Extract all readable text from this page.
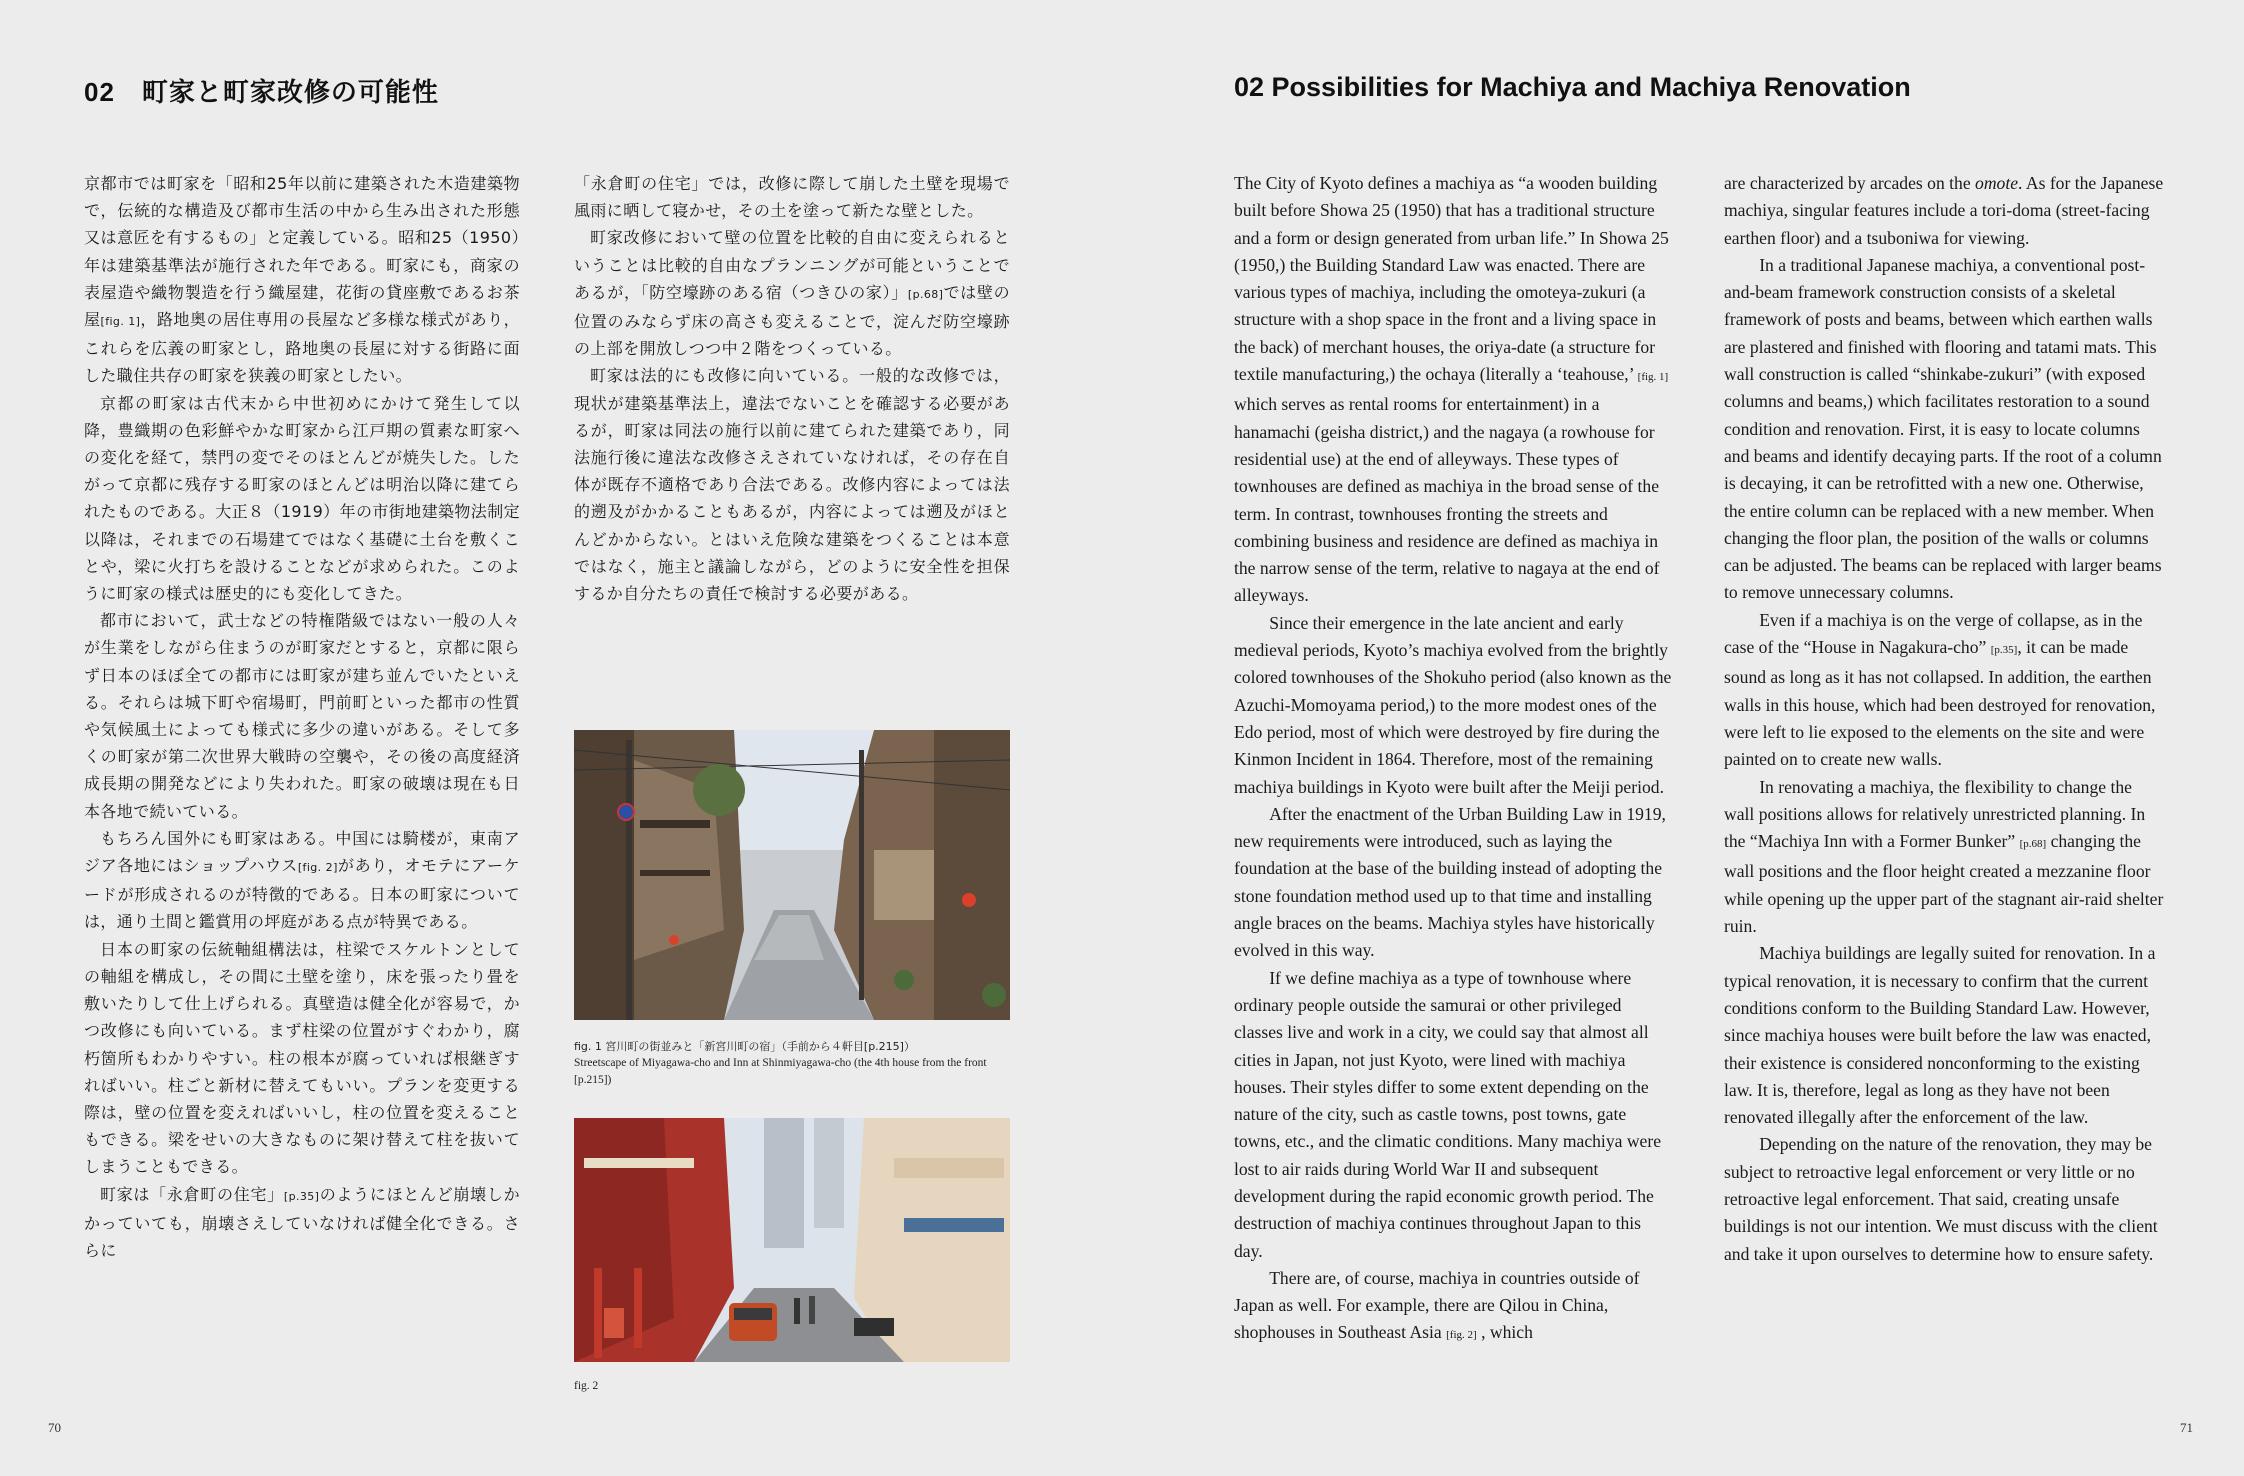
02　町家と町家改修の可能性

京都市では町家を「昭和25年以前に建築された木造建築物で，伝統的な構造及び都市生活の中から生み出された形態又は意匠を有するもの」と定義している。昭和25（1950）年は建築基準法が施行された年である。町家にも，商家の表屋造や織物製造を行う織屋建，花街の貸座敷であるお茶屋[fig. 1]，路地奥の居住専用の長屋など多様な様式があり，これらを広義の町家とし，路地奥の長屋に対する街路に面した職住共存の町家を狭義の町家としたい。

京都の町家は古代末から中世初めにかけて発生して以降，豊織期の色彩鮮やかな町家から江戸期の質素な町家への変化を経て，禁門の変でそのほとんどが焼失した。したがって京都に残存する町家のほとんどは明治以降に建てられたものである。大正８（1919）年の市街地建築物法制定以降は，それまでの石場建てではなく基礎に土台を敷くことや，梁に火打ちを設けることなどが求められた。このように町家の様式は歴史的にも変化してきた。

都市において，武士などの特権階級ではない一般の人々が生業をしながら住まうのが町家だとすると，京都に限らず日本のほぼ全ての都市には町家が建ち並んでいたといえる。それらは城下町や宿場町，門前町といった都市の性質や気候風土によっても様式に多少の違いがある。そして多くの町家が第二次世界大戦時の空襲や，その後の高度経済成長期の開発などにより失われた。町家の破壊は現在も日本各地で続いている。

もちろん国外にも町家はある。中国には騎楼が，東南アジア各地にはショップハウス[fig. 2]があり，オモテにアーケードが形成されるのが特徴的である。日本の町家については，通り土間と鑑賞用の坪庭がある点が特異である。

日本の町家の伝統軸組構法は，柱梁でスケルトンとしての軸組を構成し，その間に土壁を塗り，床を張ったり畳を敷いたりして仕上げられる。真壁造は健全化が容易で，かつ改修にも向いている。まず柱梁の位置がすぐわかり，腐朽箇所もわかりやすい。柱の根本が腐っていれば根継ぎすればいい。柱ごと新材に替えてもいい。プランを変更する際は，壁の位置を変えればいいし，柱の位置を変えることもできる。梁をせいの大きなものに架け替えて柱を抜いてしまうこともできる。

町家は「永倉町の住宅」[p.35]のようにほとんど崩壊しかかっていても，崩壊さえしていなければ健全化できる。さらに

「永倉町の住宅」では，改修に際して崩した土壁を現場で風雨に晒して寝かせ，その土を塗って新たな壁とした。

町家改修において壁の位置を比較的自由に変えられるということは比較的自由なプランニングが可能ということであるが，「防空壕跡のある宿（つきひの家）」[p.68]では壁の位置のみならず床の高さも変えることで，淀んだ防空壕跡の上部を開放しつつ中２階をつくっている。

町家は法的にも改修に向いている。一般的な改修では，現状が建築基準法上，違法でないことを確認する必要があるが，町家は同法の施行以前に建てられた建築であり，同法施行後に違法な改修さえされていなければ，その存在自体が既存不適格であり合法である。改修内容によっては法的遡及がかかることもあるが，内容によっては遡及がほとんどかからない。とはいえ危険な建築をつくることは本意ではなく，施主と議論しながら，どのように安全性を担保するか自分たちの責任で検討する必要がある。

fig. 1 宮川町の街並みと「新宮川町の宿」（手前から４軒目[p.215]）
Streetscape of Miyagawa-cho and Inn at Shinmiyagawa-cho (the 4th house from the front [p.215])
fig. 2
70
02 Possibilities for Machiya and Machiya Renovation

The City of Kyoto defines a machiya as “a wooden building built before Showa 25 (1950) that has a traditional structure and a form or design generated from urban life.” In Showa 25 (1950,) the Building Standard Law was enacted. There are various types of machiya, including the omoteya-zukuri (a structure with a shop space in the front and a living space in the back) of merchant houses, the oriya-date (a structure for textile manufacturing,) the ochaya (literally a ‘teahouse,’ [fig. 1] which serves as rental rooms for entertainment) in a hanamachi (geisha district,) and the nagaya (a rowhouse for residential use) at the end of alleyways. These types of townhouses are defined as machiya in the broad sense of the term. In contrast, townhouses fronting the streets and combining business and residence are defined as machiya in the narrow sense of the term, relative to nagaya at the end of alleyways.

Since their emergence in the late ancient and early medieval periods, Kyoto’s machiya evolved from the brightly colored townhouses of the Shokuho period (also known as the Azuchi-Momoyama period,) to the more modest ones of the Edo period, most of which were destroyed by fire during the Kinmon Incident in 1864. Therefore, most of the remaining machiya buildings in Kyoto were built after the Meiji period.

After the enactment of the Urban Building Law in 1919, new requirements were introduced, such as laying the foundation at the base of the building instead of adopting the stone foundation method used up to that time and installing angle braces on the beams. Machiya styles have historically evolved in this way.

If we define machiya as a type of townhouse where ordinary people outside the samurai or other privileged classes live and work in a city, we could say that almost all cities in Japan, not just Kyoto, were lined with machiya houses. Their styles differ to some extent depending on the nature of the city, such as castle towns, post towns, gate towns, etc., and the climatic conditions. Many machiya were lost to air raids during World War II and subsequent development during the rapid economic growth period. The destruction of machiya continues throughout Japan to this day.

There are, of course, machiya in countries outside of Japan as well. For example, there are Qilou in China, shophouses in Southeast Asia [fig. 2] , which

are characterized by arcades on the omote. As for the Japanese machiya, singular features include a tori-doma (street-facing earthen floor) and a tsuboniwa for viewing.

In a traditional Japanese machiya, a conventional post-and-beam framework construction consists of a skeletal framework of posts and beams, between which earthen walls are plastered and finished with flooring and tatami mats. This wall construction is called “shinkabe-zukuri” (with exposed columns and beams,) which facilitates restoration to a sound condition and renovation. First, it is easy to locate columns and beams and identify decaying parts. If the root of a column is decaying, it can be retrofitted with a new one. Otherwise, the entire column can be replaced with a new member. When changing the floor plan, the position of the walls or columns can be adjusted. The beams can be replaced with larger beams to remove unnecessary columns.

Even if a machiya is on the verge of collapse, as in the case of the “House in Nagakura-cho” [p.35], it can be made sound as long as it has not collapsed. In addition, the earthen walls in this house, which had been destroyed for renovation, were left to lie exposed to the elements on the site and were painted on to create new walls.

In renovating a machiya, the flexibility to change the wall positions allows for relatively unrestricted planning. In the “Machiya Inn with a Former Bunker” [p.68] changing the wall positions and the floor height created a mezzanine floor while opening up the upper part of the stagnant air-raid shelter ruin.

Machiya buildings are legally suited for renovation. In a typical renovation, it is necessary to confirm that the current conditions conform to the Building Standard Law. However, since machiya houses were built before the law was enacted, their existence is considered nonconforming to the existing law. It is, therefore, legal as long as they have not been renovated illegally after the enforcement of the law.

Depending on the nature of the renovation, they may be subject to retroactive legal enforcement or very little or no retroactive legal enforcement. That said, creating unsafe buildings is not our intention. We must discuss with the client and take it upon ourselves to determine how to ensure safety.

71
